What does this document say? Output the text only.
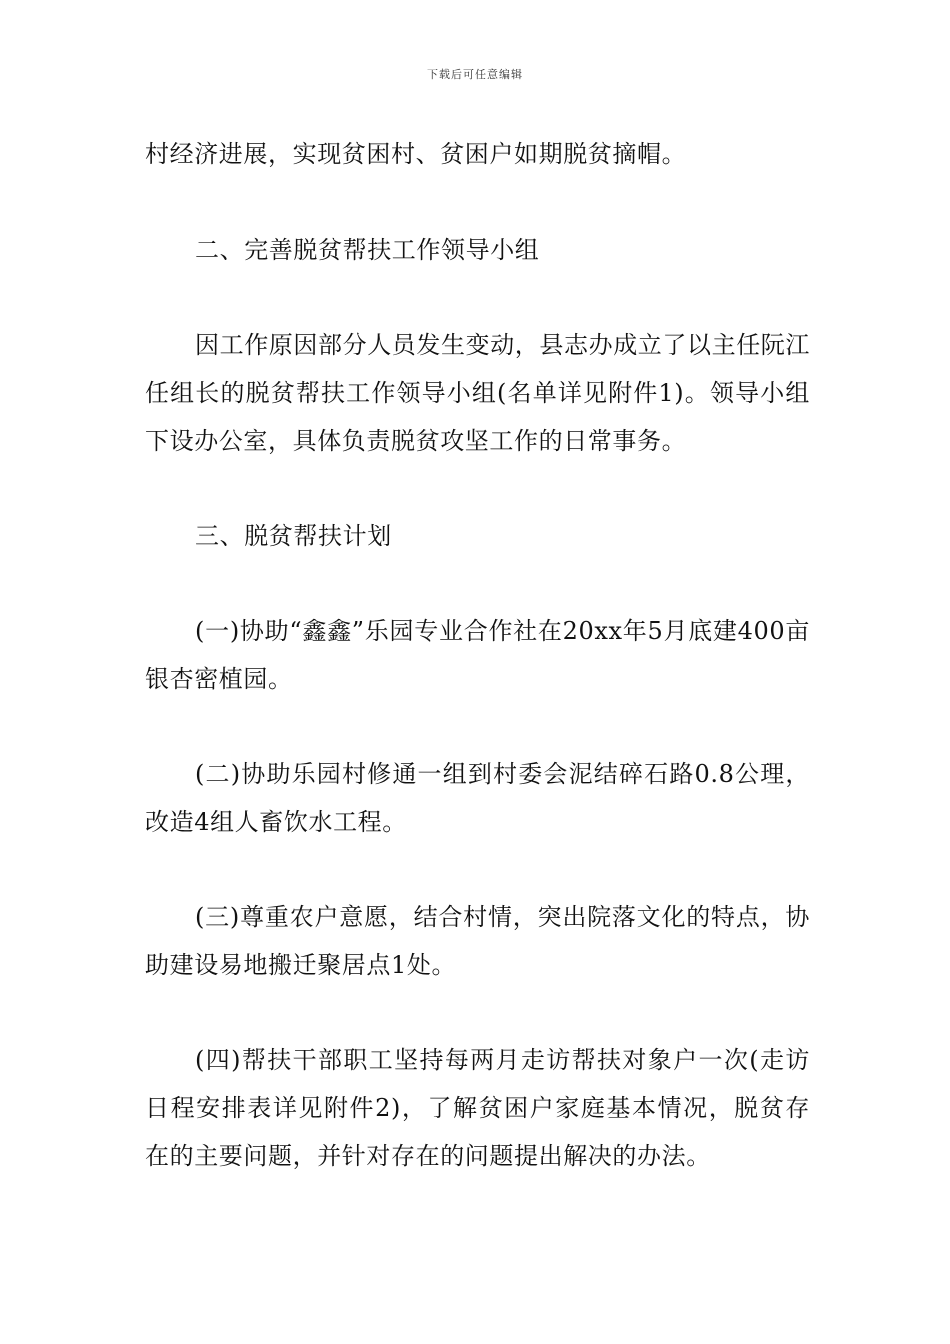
下载后可任意编辑

村经济进展，实现贫困村、贫困户如期脱贫摘帽。

二、完善脱贫帮扶工作领导小组

因工作原因部分人员发生变动，县志办成立了以主任阮江任组长的脱贫帮扶工作领导小组(名单详见附件1)。领导小组下设办公室，具体负责脱贫攻坚工作的日常事务。

三、脱贫帮扶计划

(一)协助“鑫鑫”乐园专业合作社在20xx年5月底建400亩银杏密植园。

(二)协助乐园村修通一组到村委会泥结碎石路0.8公理，改造4组人畜饮水工程。

(三)尊重农户意愿，结合村情，突出院落文化的特点，协助建设易地搬迁聚居点1处。

(四)帮扶干部职工坚持每两月走访帮扶对象户一次(走访日程安排表详见附件2)，了解贫困户家庭基本情况，脱贫存在的主要问题，并针对存在的问题提出解决的办法。
